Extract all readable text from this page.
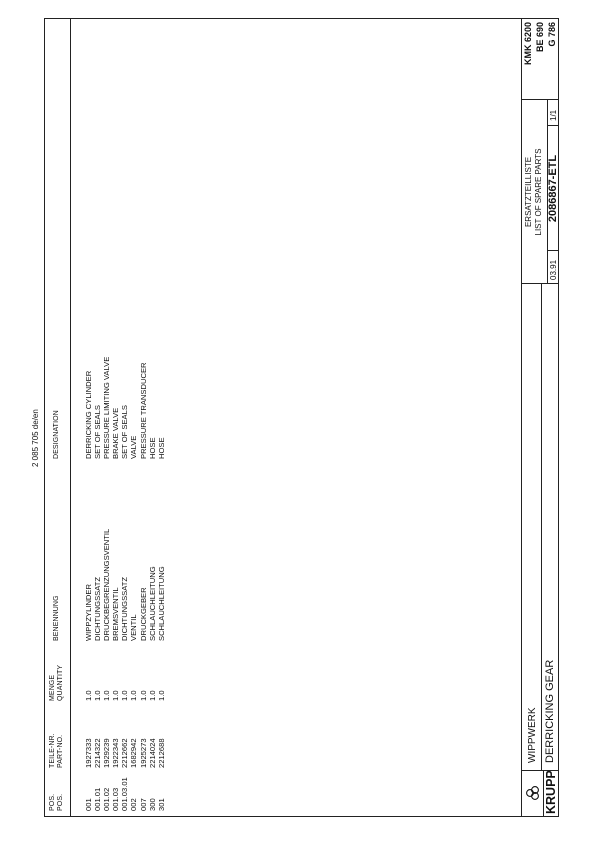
2 085 705 de/en
POS. POS.
TEILE-NR. PART-NO.
MENGE QUANTITY
BENENNUNG
DESIGNATION
001 001.01 001.02 001.03 001.03.01 002 007 300 301
1927333 2214322 1929239 1922343 2212662 1682942 1925273 2214024 2212688
1.0 1.0 1.0 1.0 1.0 1.0 1.0 1.0 1.0
WIPPZYLINDER DICHTUNGSSATZ DRUCKBEGRENZUNGSVENTIL BREMSVENTIL DICHTUNGSSATZ VENTIL DRUCKGEBER SCHLAUCHLEITUNG SCHLAUCHLEITUNG
DERRICKING CYLINDER SET OF SEALS PRESSURE LIMITING VALVE BRAKE VALVE SET OF SEALS VALVE PRESSURE TRANSDUCER HOSE HOSE
KRUPP
WIPPWERK DERRICKING GEAR
ERSATZTEILLISTE LIST OF SPARE PARTS
03.91
2086867-ETL
1/1
KMK 6200 BE 690 G 786
